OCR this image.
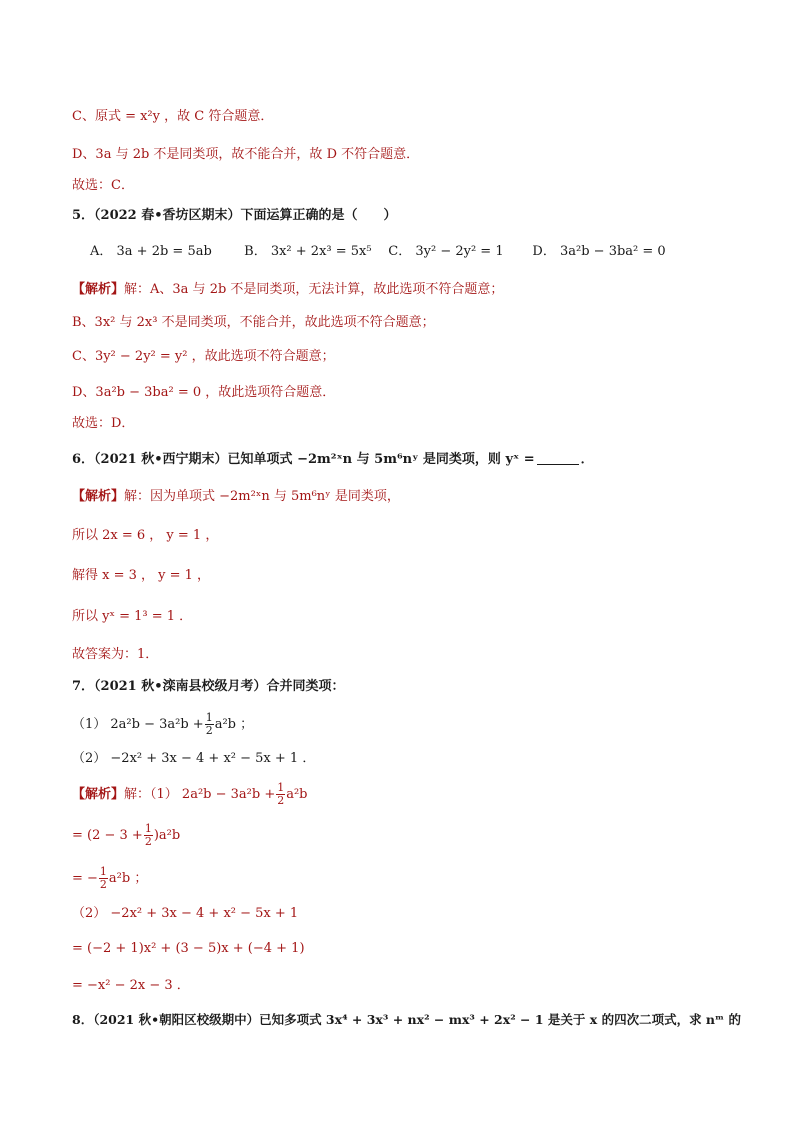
C、原式 = x²y ，故 C 符合题意．
D、3a 与 2b 不是同类项，故不能合并，故 D 不符合题意．
故选：C．
5．（2022 春•香坊区期末）下面运算正确的是（　　）
A． 3a + 2b = 5ab B． 3x² + 2x³ = 5x⁵ C． 3y² − 2y² = 1 D． 3a²b − 3ba² = 0
【解析】解：A、3a 与 2b 不是同类项，无法计算，故此选项不符合题意；
B、3x² 与 2x³ 不是同类项，不能合并，故此选项不符合题意；
C、3y² − 2y² = y² ，故此选项不符合题意；
D、3a²b − 3ba² = 0 ，故此选项符合题意．
故选：D．
6．（2021 秋•西宁期末）已知单项式 −2m²ˣn 与 5m⁶nʸ 是同类项，则 yˣ =	．
【解析】解：因为单项式 −2m²ˣn 与 5m⁶nʸ 是同类项，
所以 2x = 6 ， y = 1 ，
解得 x = 3 ， y = 1 ，
所以 yˣ = 1³ = 1 ．
故答案为：1．
7．（2021 秋•滦南县校级月考）合并同类项：
（1） $2a^2b - 3a^2b + \frac{1}{2} a^2b$ ；
（2） −2x² + 3x − 4 + x² − 5x + 1 ．
【解析】解：（1） $2a^2b - 3a^2b + \frac{1}{2} a^2b$
= $(2 - 3 + \frac{1}{2} )a^2b$
= − $\frac{1}{2} a^2b$ ；
（2） −2x² + 3x − 4 + x² − 5x + 1
= (−2 + 1)x² + (3 − 5)x + (−4 + 1)
= −x² − 2x − 3 ．
8．（2021 秋•朝阳区校级期中）已知多项式 3x⁴ + 3x³ + nx² − mx³ + 2x² − 1 是关于 x 的四次二项式，求 nᵐ 的
